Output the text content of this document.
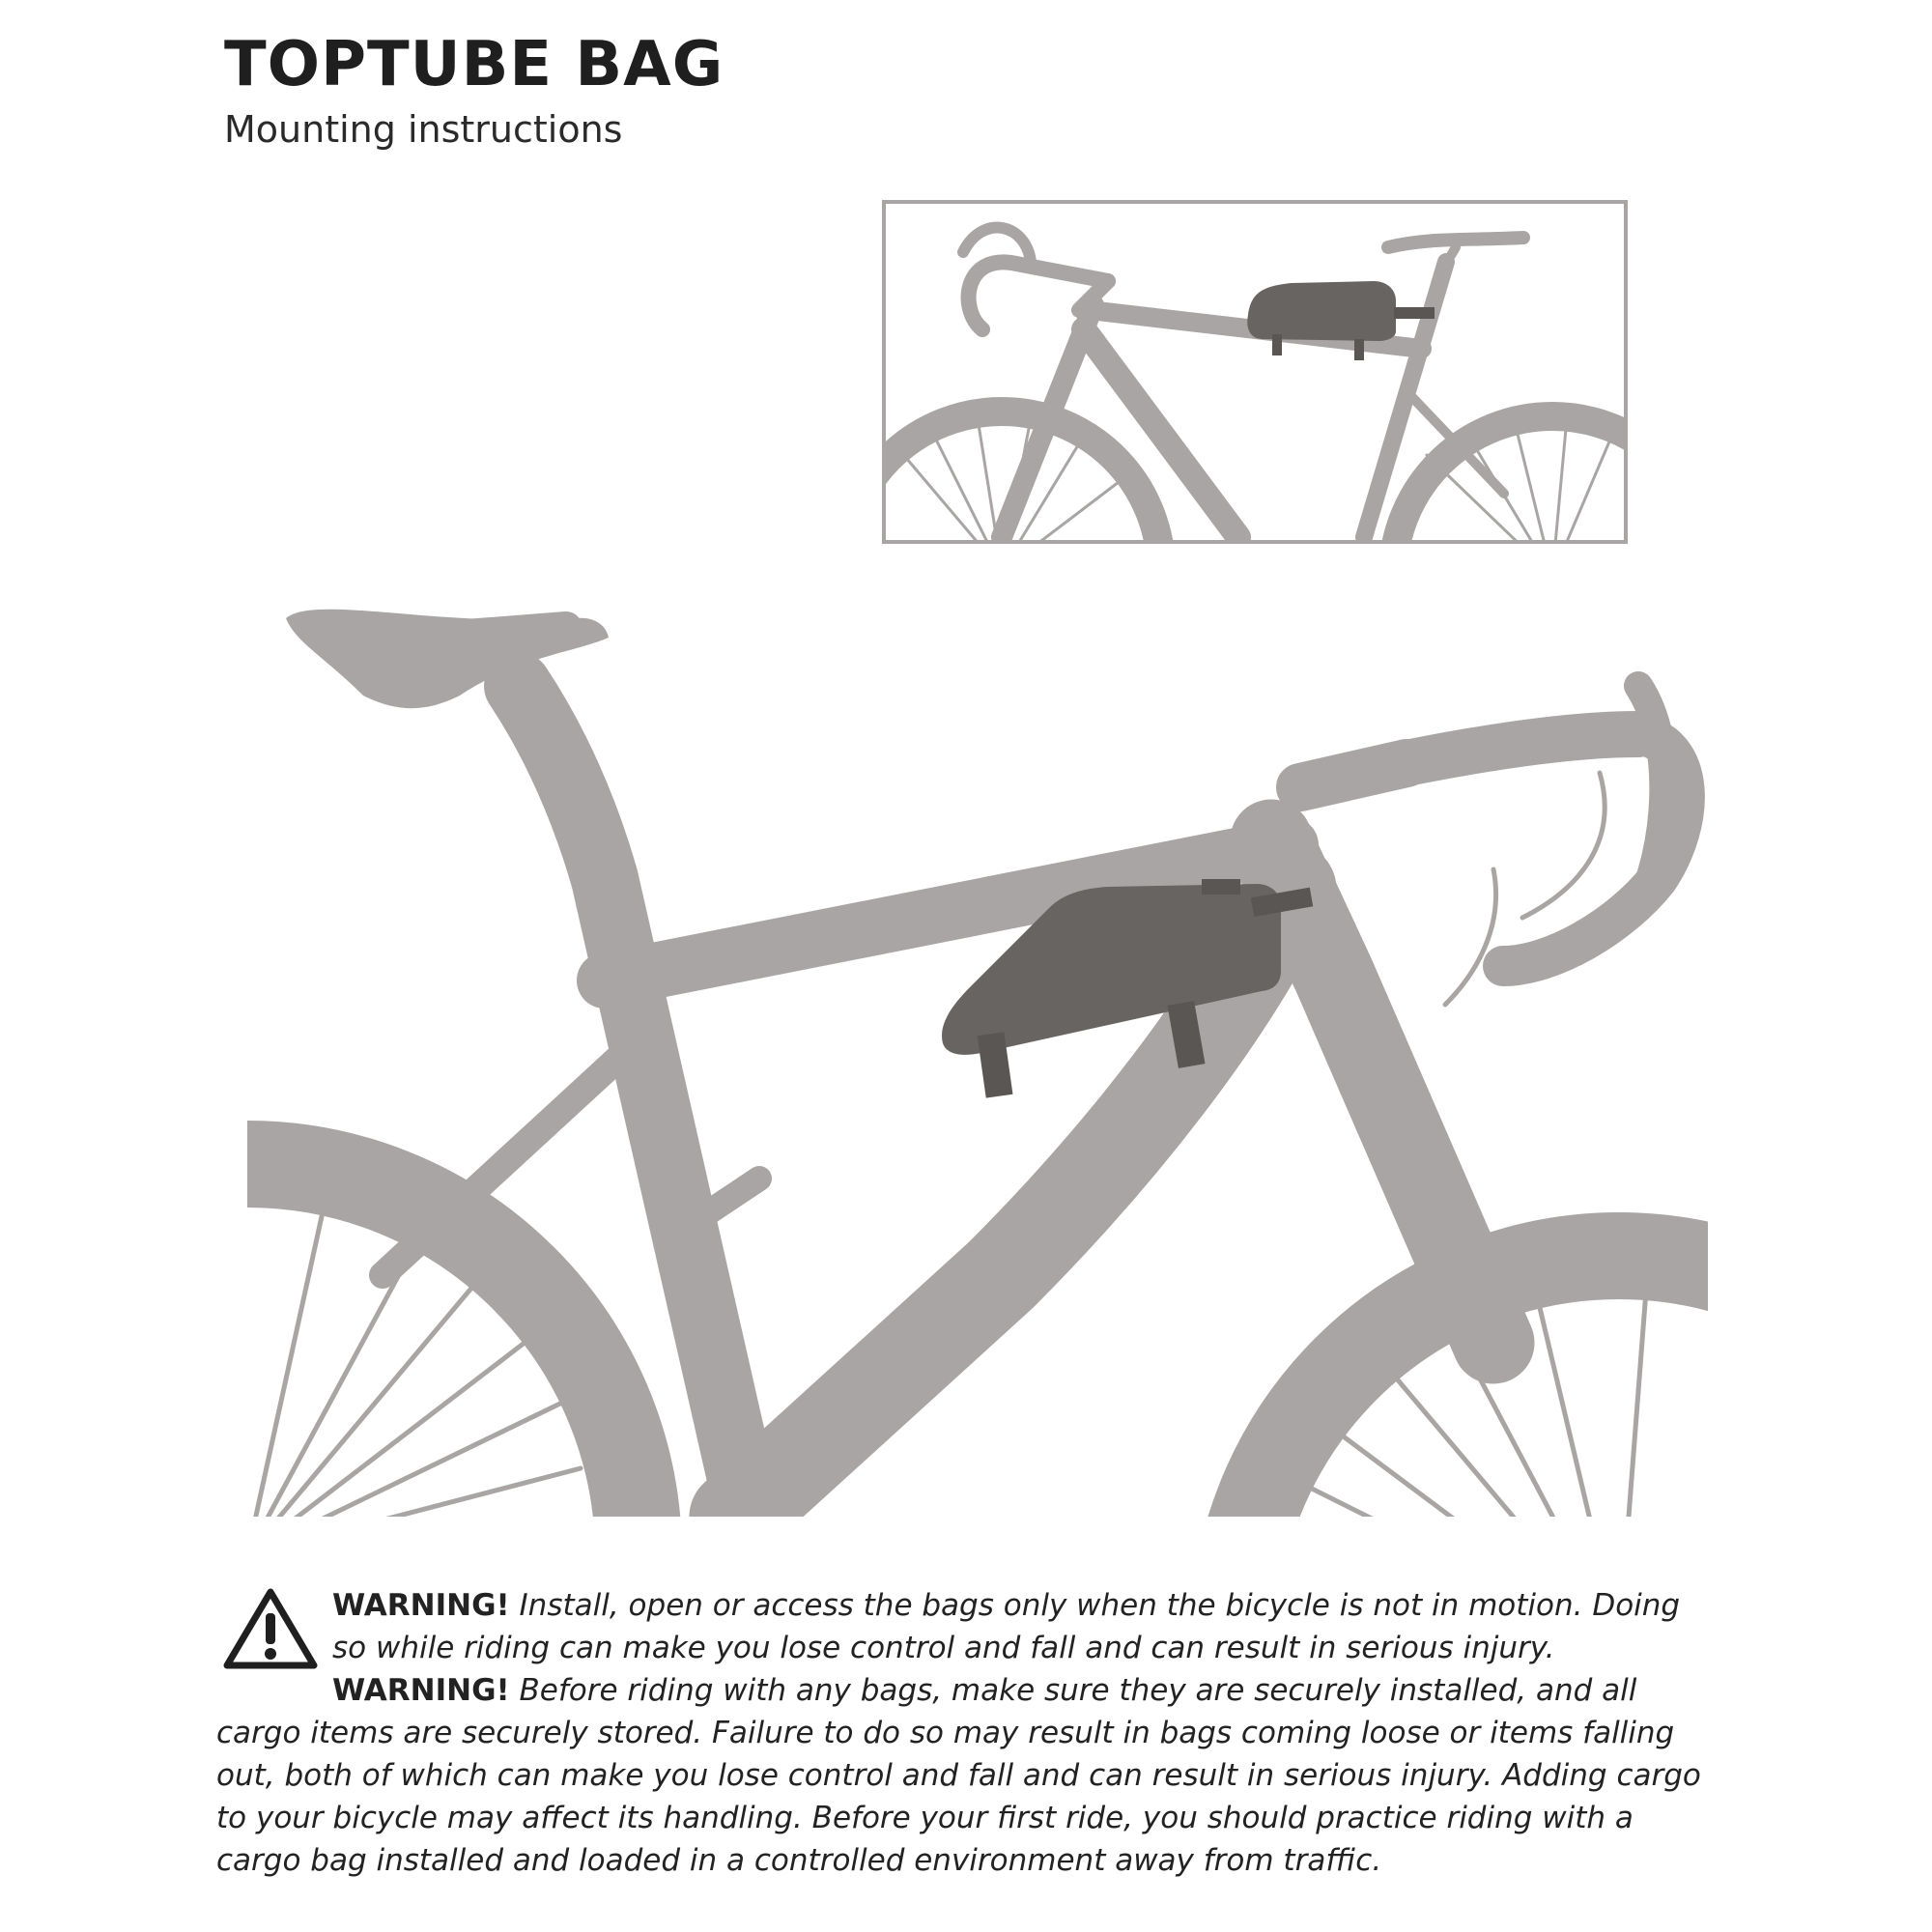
TOPTUBE BAG

Mounting instructions

WARNING! Install, open or access the bags only when the bicycle is not in motion. Doing so while riding can make you lose control and fall and can result in serious injury. WARNING! Before riding with any bags, make sure they are securely installed, and all cargo items are securely stored. Failure to do so may result in bags coming loose or items falling out, both of which can make you lose control and fall and can result in serious injury. Adding cargo to your bicycle may affect its handling. Before your first ride, you should practice riding with a cargo bag installed and loaded in a controlled environment away from traffic.
